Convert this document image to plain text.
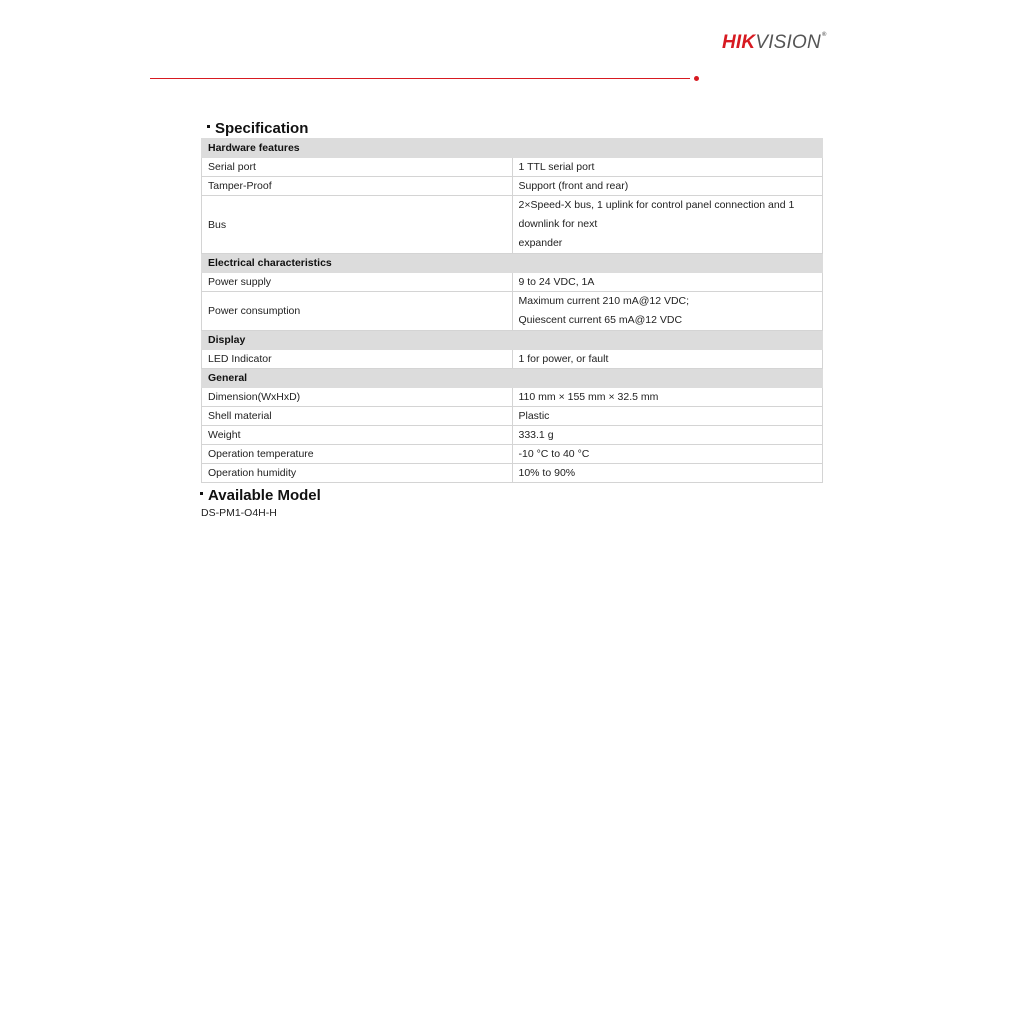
HIKVISION®
Specification
Hardware features	
Serial port	1 TTL serial port
Tamper-Proof	Support (front and rear)
Bus	2×Speed-X bus, 1 uplink for control panel connection and 1 downlink for next
expander

Electrical characteristics	
Power supply	9 to 24 VDC, 1A
Power consumption	Maximum current 210 mA@12 VDC;
Quiescent current 65 mA@12 VDC

Display	
LED Indicator	1 for power, or fault
General	
Dimension(WxHxD)	110 mm × 155 mm × 32.5 mm
Shell material	Plastic
Weight	333.1 g
Operation temperature	-10 °C to 40 °C
Operation humidity	10% to 90%
Available Model
DS-PM1-O4H-H
